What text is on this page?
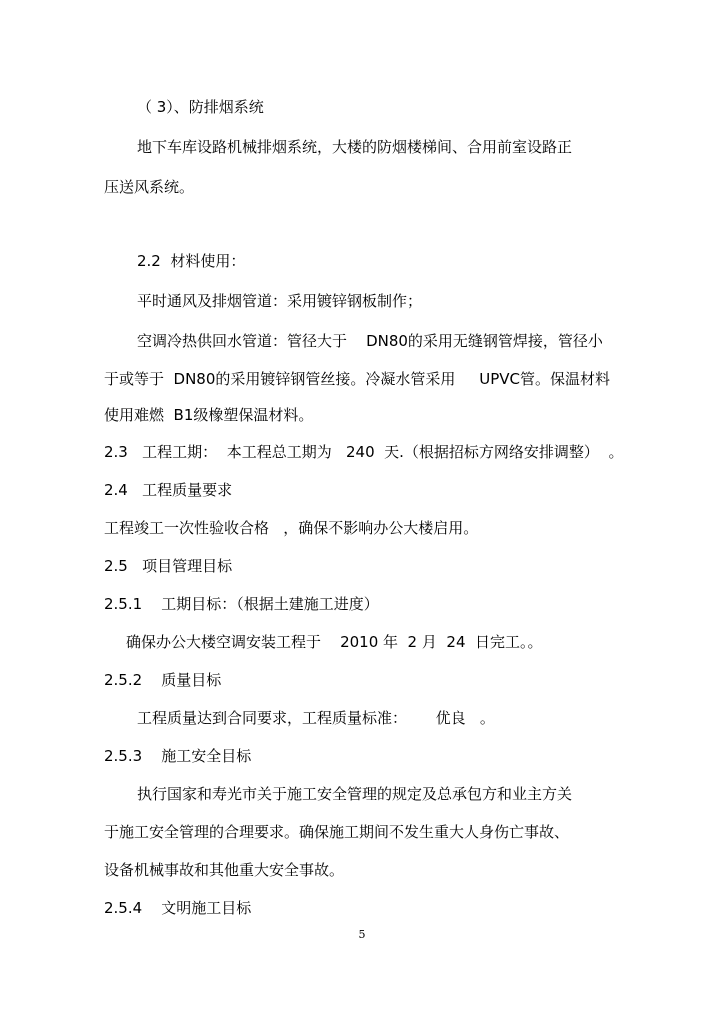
（ 3）、防排烟系统

地下车库设路机械排烟系统，大楼的防烟楼梯间、合用前室设路正

压送风系统。

2.2  材料使用：

平时通风及排烟管道：采用镀锌钢板制作；

空调冷热供回水管道：管径大于    DN80的采用无缝钢管焊接，管径小

于或等于  DN80的采用镀锌钢管丝接。冷凝水管采用     UPVC管。保温材料

使用难燃  B1级橡塑保温材料。

2.3   工程工期：  本工程总工期为   240  天.（根据招标方网络安排调整）  。

2.4   工程质量要求

工程竣工一次性验收合格   ，确保不影响办公大楼启用。

2.5   项目管理目标

2.5.1    工期目标：（根据土建施工进度）

确保办公大楼空调安装工程于    2010 年  2 月  24  日完工。。

2.5.2    质量目标

工程质量达到合同要求，工程质量标准：      优良   。

2.5.3    施工安全目标

执行国家和寿光市关于施工安全管理的规定及总承包方和业主方关

于施工安全管理的合理要求。确保施工期间不发生重大人身伤亡事故、

设备机械事故和其他重大安全事故。

2.5.4    文明施工目标

5
